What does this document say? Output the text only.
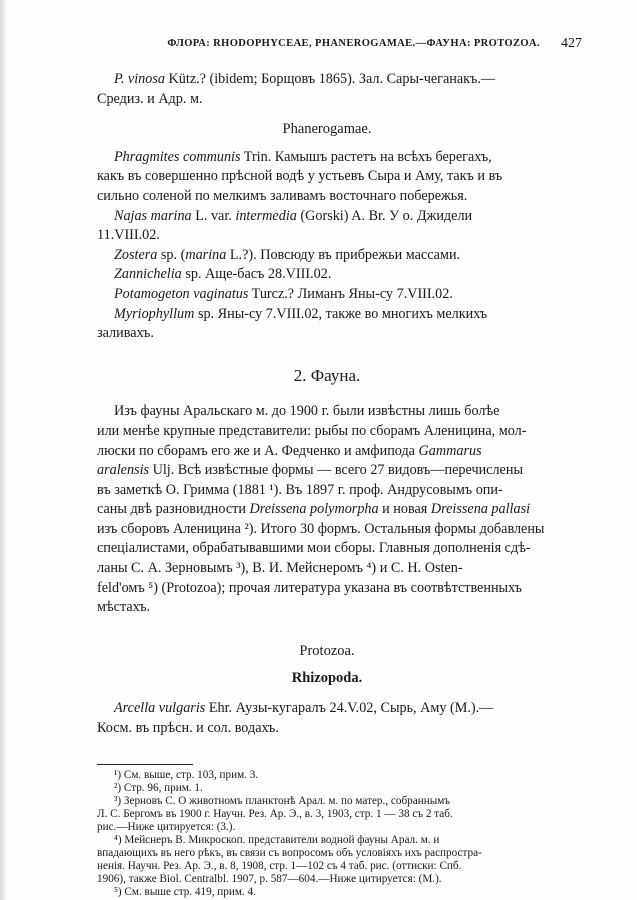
ФЛОРА: RHODOPHYCEAE, PHANEROGAMAE.—ФАУНА: PROTOZOA. 427

P. vinosa Kütz.? (ibidem; Борщовъ 1865). Зал. Сары-чеганакъ.—

Средиз. и Адр. м.

Phanerogamae.

Phragmites communis Trin. Камышъ растетъ на всѣхъ берегахъ,

какъ въ совершенно прѣсной водѣ у устьевъ Сыра и Аму, такъ и въ

сильно соленой по мелкимъ заливамъ восточнаго побережья.

Najas marina L. var. intermedia (Gorski) A. Br. У о. Джидели

11.VIII.02.

Zostera sp. (marina L.?). Повсюду въ прибрежьи массами.

Zannichelia sp. Аще-басъ 28.VIII.02.

Potamogeton vaginatus Turcz.? Лиманъ Яны-су 7.VIII.02.

Myriophyllum sp. Яны-су 7.VIII.02, также во многихъ мелкихъ

заливахъ.

2. Фауна.

Изъ фауны Аральскаго м. до 1900 г. были извѣстны лишь болѣе

или менѣе крупные представители: рыбы по сборамъ Аленицина, мол-

люски по сборамъ его же и А. Федченко и амфипода Gammarus

aralensis Ulj. Всѣ извѣстные формы — всего 27 видовъ—перечислены

въ заметкѣ О. Гримма (1881 ¹). Въ 1897 г. проф. Андрусовымъ опи-

саны двѣ разновидности Dreissena polymorpha и новая Dreissena pallasi

изъ сборовъ Аленицина ²). Итого 30 формъ. Остальныя формы добавлены

спеціалистами, обрабатывавшими мои сборы. Главныя дополненія сдѣ-

ланы С. А. Зерновымъ ³), В. И. Мейснеромъ ⁴) и С. Н. Osten-

feld'омъ ⁵) (Protozoa); прочая литература указана въ соотвѣтственныхъ

мѣстахъ.

Protozoa.
Rhizopoda.

Arcella vulgaris Ehr. Аузы-кугаралъ 24.V.02, Сырь, Аму (М.).—

Косм. въ прѣсн. и сол. водахъ.

¹) См. выше, стр. 103, прим. 3.

²) Стр. 96, прим. 1.

³) Зерновъ С. О животномъ планктонѣ Арал. м. по матер., собраннымъ

Л. С. Бергомъ въ 1900 г. Научн. Рез. Ар. Э., в. 3, 1903, стр. 1 — 38 съ 2 таб.

рис.—Ниже цитируется: (3.).

⁴) Мейснеръ В. Микроскоп. представители водной фауны Арал. м. и

впадающихъ въ него рѣкъ, въ связи съ вопросомъ объ условіяхъ ихъ распростра-

ненія. Научн. Рез. Ар. Э., в. 8, 1908, стр. 1—102 съ 4 таб. рис. (оттиски: Спб.

1906), также Biol. Centralbl. 1907, p. 587—604.—Ниже цитируется: (М.).

⁵) См. выше стр. 419, прим. 4.
